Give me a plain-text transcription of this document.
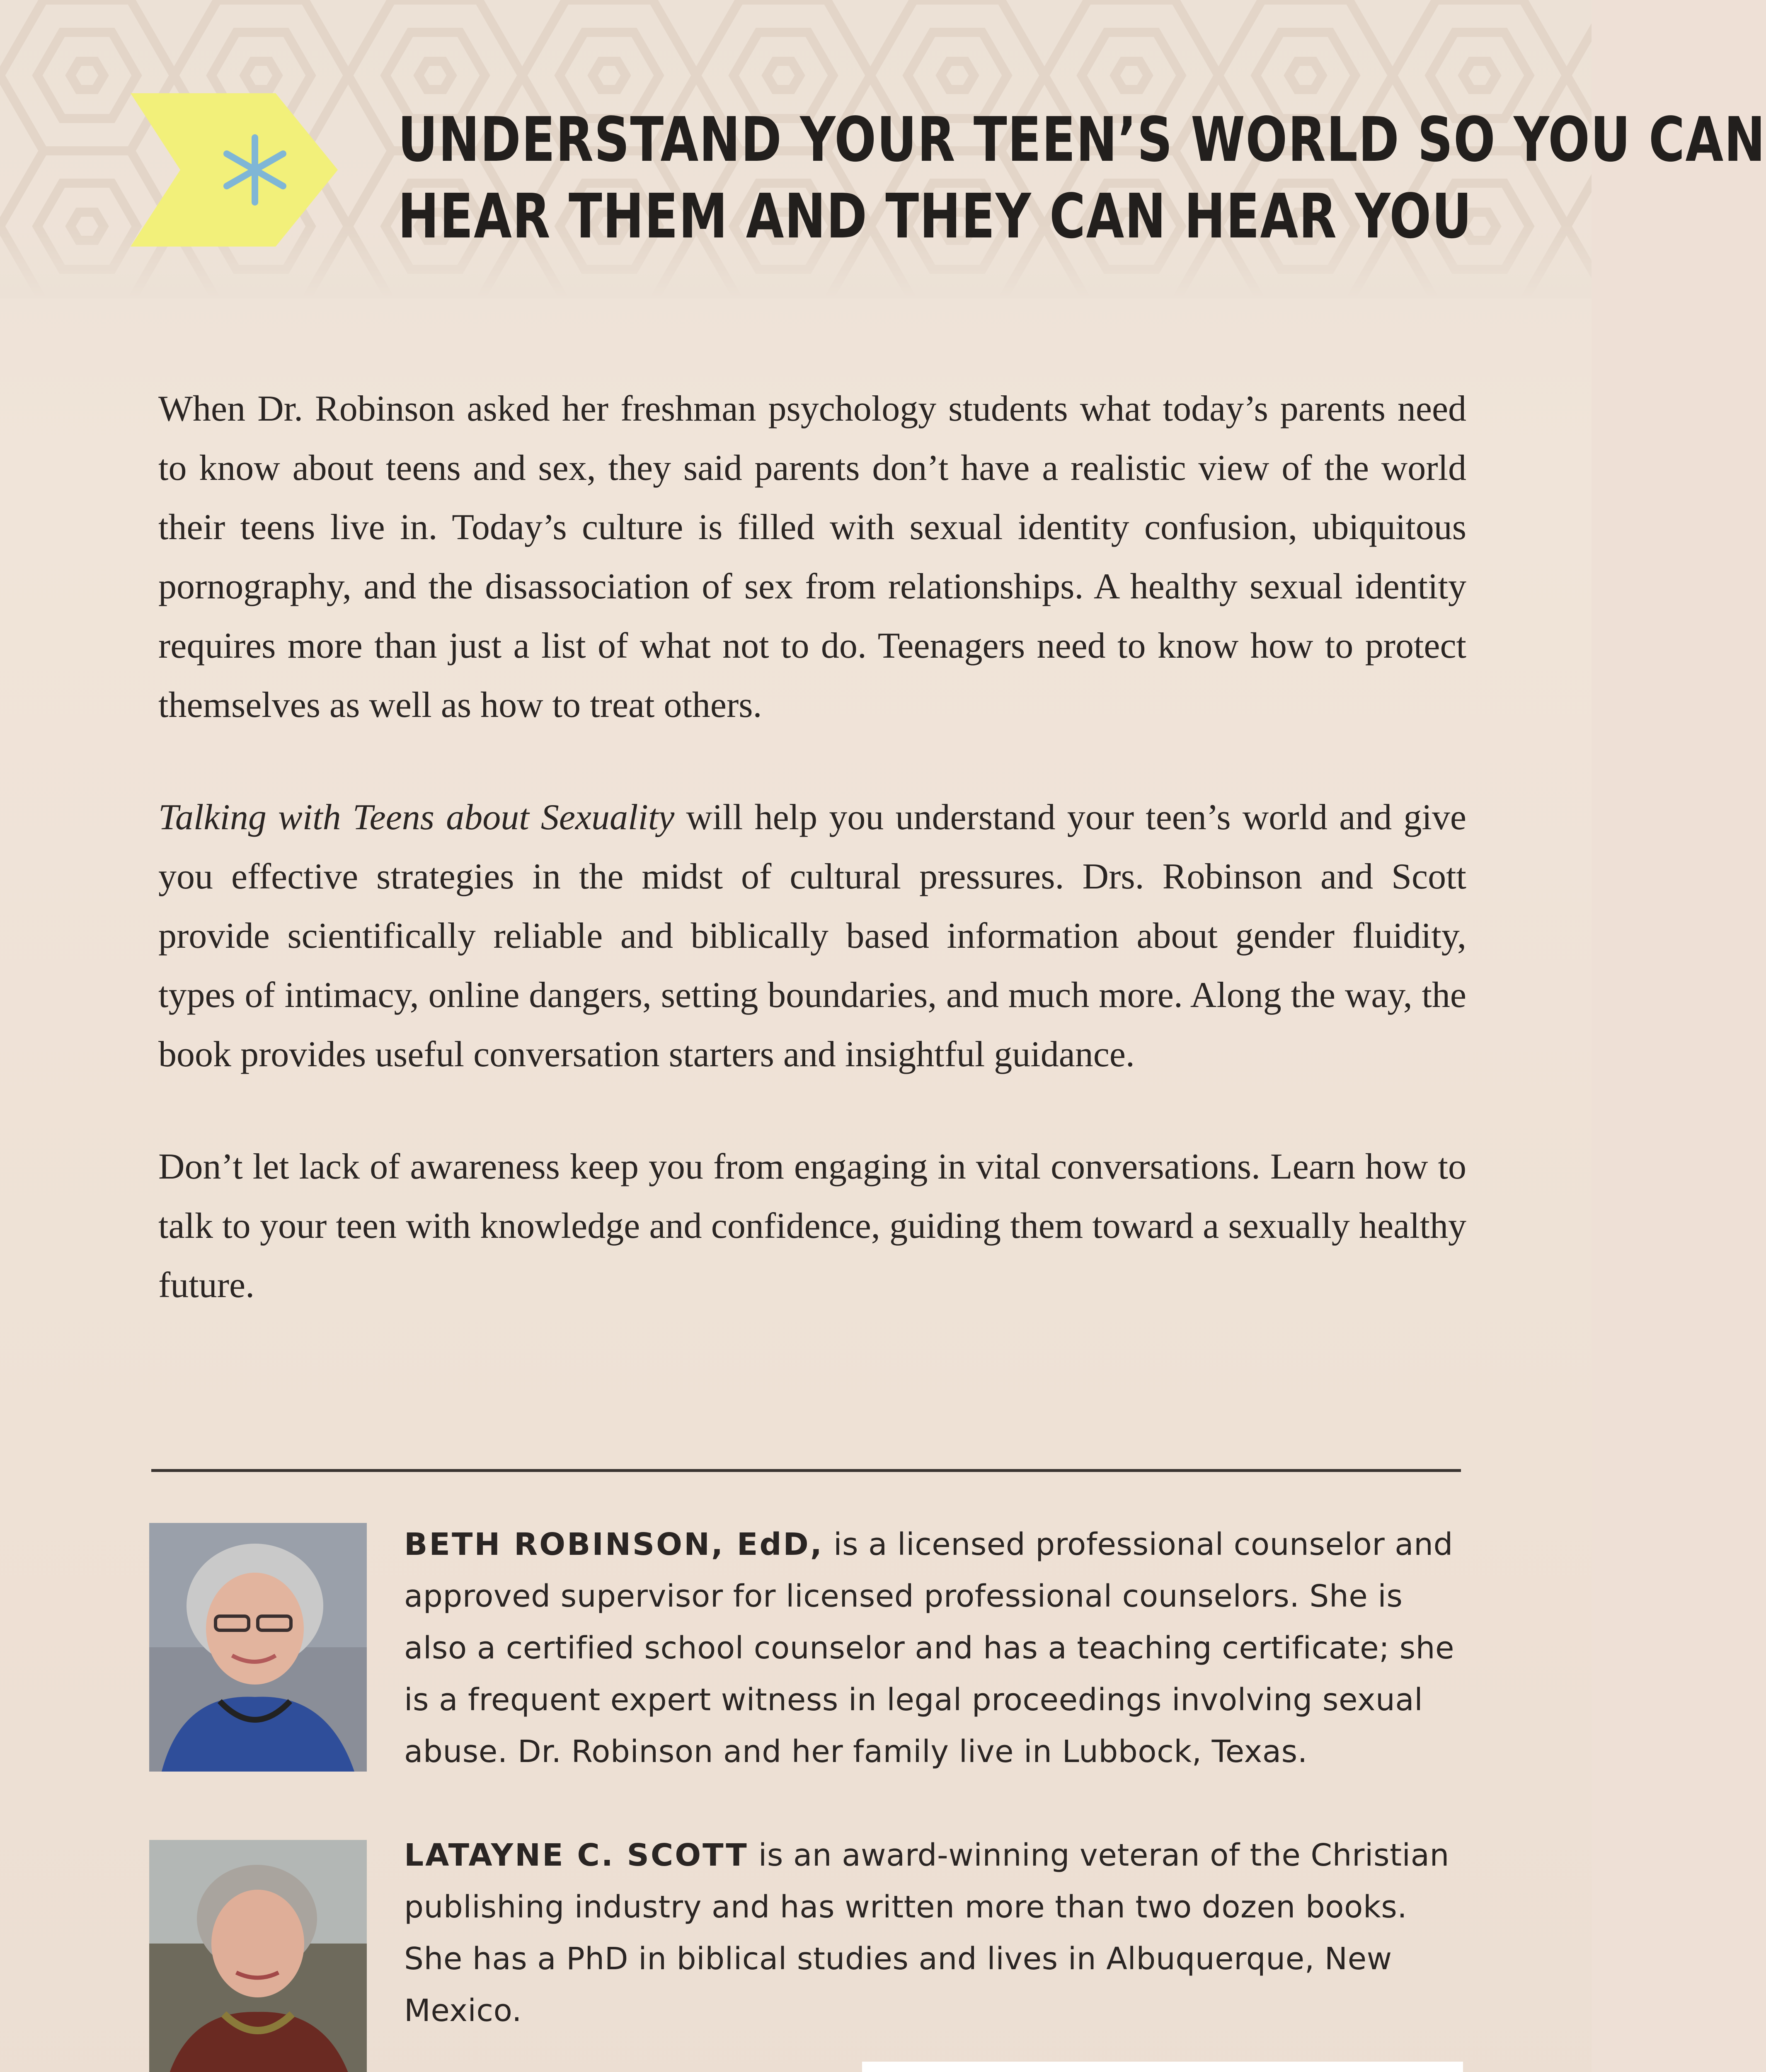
UNDERSTAND YOUR TEEN’S WORLD SO YOU CAN
HEAR THEM AND THEY CAN HEAR YOU

When Dr. Robinson asked her freshman psychology students what today’s parents need to know about teens and sex, they said parents don’t have a realistic view of the world their teens live in. Today’s culture is filled with sexual identity confusion, ubiquitous pornography, and the disassociation of sex from relationships. A healthy sexual identity requires more than just a list of what not to do. Teenagers need to know how to protect themselves as well as how to treat others.

Talking with Teens about Sexuality will help you understand your teen’s world and give you effective strategies in the midst of cultural pressures. Drs. Robinson and Scott provide scientifically reliable and biblically based information about gender fluidity, types of intimacy, online dangers, setting boundaries, and much more. Along the way, the book provides useful conversation starters and insightful guidance.

Don’t let lack of awareness keep you from engaging in vital conversations. Learn how to talk to your teen with knowledge and confidence, guiding them toward a sexually healthy future.

BETH ROBINSON, EdD, is a licensed professional counselor and approved supervisor for licensed professional counselors. She is also a certified school counselor and has a teaching certificate; she is a frequent expert witness in legal proceedings involving sexual abuse. Dr. Robinson and her family live in Lubbock, Texas.
LATAYNE C. SCOTT is an award-winning veteran of the Christian publishing industry and has written more than two dozen books. She has a PhD in biblical studies and lives in Albuquerque, New Mexico.
